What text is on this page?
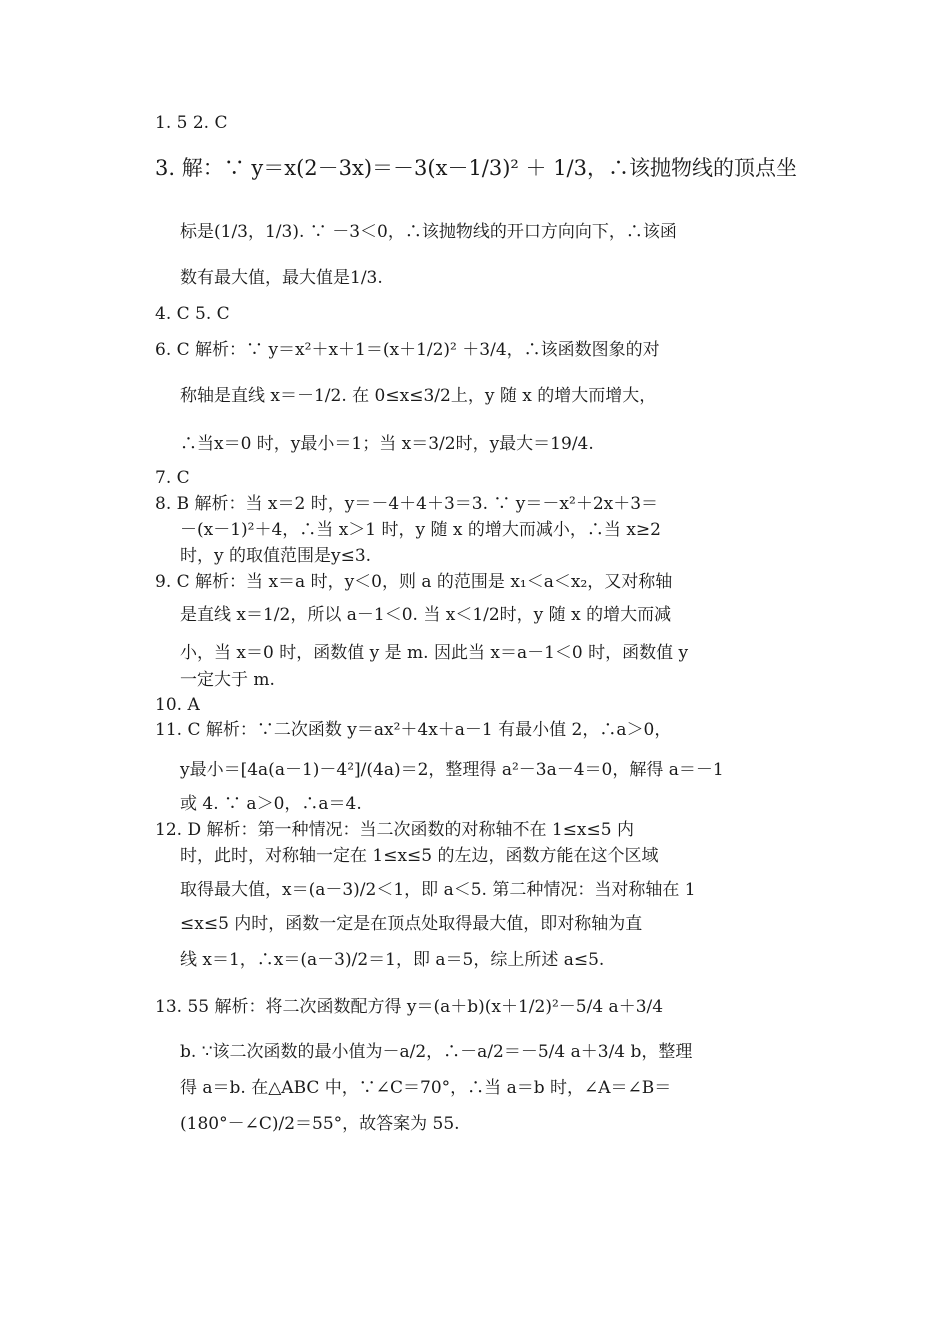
1. 5 2. C
3. 解：∵ y＝x(2－3x)＝－3(x－1/3)² ＋ 1/3，∴该抛物线的顶点坐
标是(1/3，1/3). ∵ －3＜0，∴该抛物线的开口方向向下，∴该函
数有最大值，最大值是1/3.
4. C 5. C
6. C 解析：∵ y＝x²＋x＋1＝(x＋1/2)² ＋3/4，∴该函数图象的对
称轴是直线 x＝－1/2. 在 0≤x≤3/2上，y 随 x 的增大而增大，
∴当x＝0 时，y最小＝1；当 x＝3/2时，y最大＝19/4.
7. C
8. B 解析：当 x＝2 时，y＝－4＋4＋3＝3. ∵ y＝－x²＋2x＋3＝
－(x－1)²＋4，∴当 x＞1 时，y 随 x 的增大而减小，∴当 x≥2
时，y 的取值范围是y≤3.
9. C 解析：当 x＝a 时，y＜0，则 a 的范围是 x₁＜a＜x₂，又对称轴
是直线 x＝1/2，所以 a－1＜0. 当 x＜1/2时，y 随 x 的增大而减
小，当 x＝0 时，函数值 y 是 m. 因此当 x＝a－1＜0 时，函数值 y
一定大于 m.
10. A
11. C 解析：∵二次函数 y＝ax²＋4x＋a－1 有最小值 2，∴a＞0，
y最小＝[4a(a－1)－4²]/(4a)＝2，整理得 a²－3a－4＝0，解得 a＝－1
或 4. ∵ a＞0，∴a＝4.
12. D 解析：第一种情况：当二次函数的对称轴不在 1≤x≤5 内
时，此时，对称轴一定在 1≤x≤5 的左边，函数方能在这个区域
取得最大值，x＝(a－3)/2＜1，即 a＜5. 第二种情况：当对称轴在 1
≤x≤5 内时，函数一定是在顶点处取得最大值，即对称轴为直
线 x＝1，∴x＝(a－3)/2＝1，即 a＝5，综上所述 a≤5.
13. 55 解析：将二次函数配方得 y＝(a＋b)(x＋1/2)²－5/4 a＋3/4
b. ∵该二次函数的最小值为－a/2，∴－a/2＝－5/4 a＋3/4 b，整理
得 a＝b. 在△ABC 中，∵∠C＝70°，∴当 a＝b 时，∠A＝∠B＝
(180°－∠C)/2＝55°，故答案为 55.
